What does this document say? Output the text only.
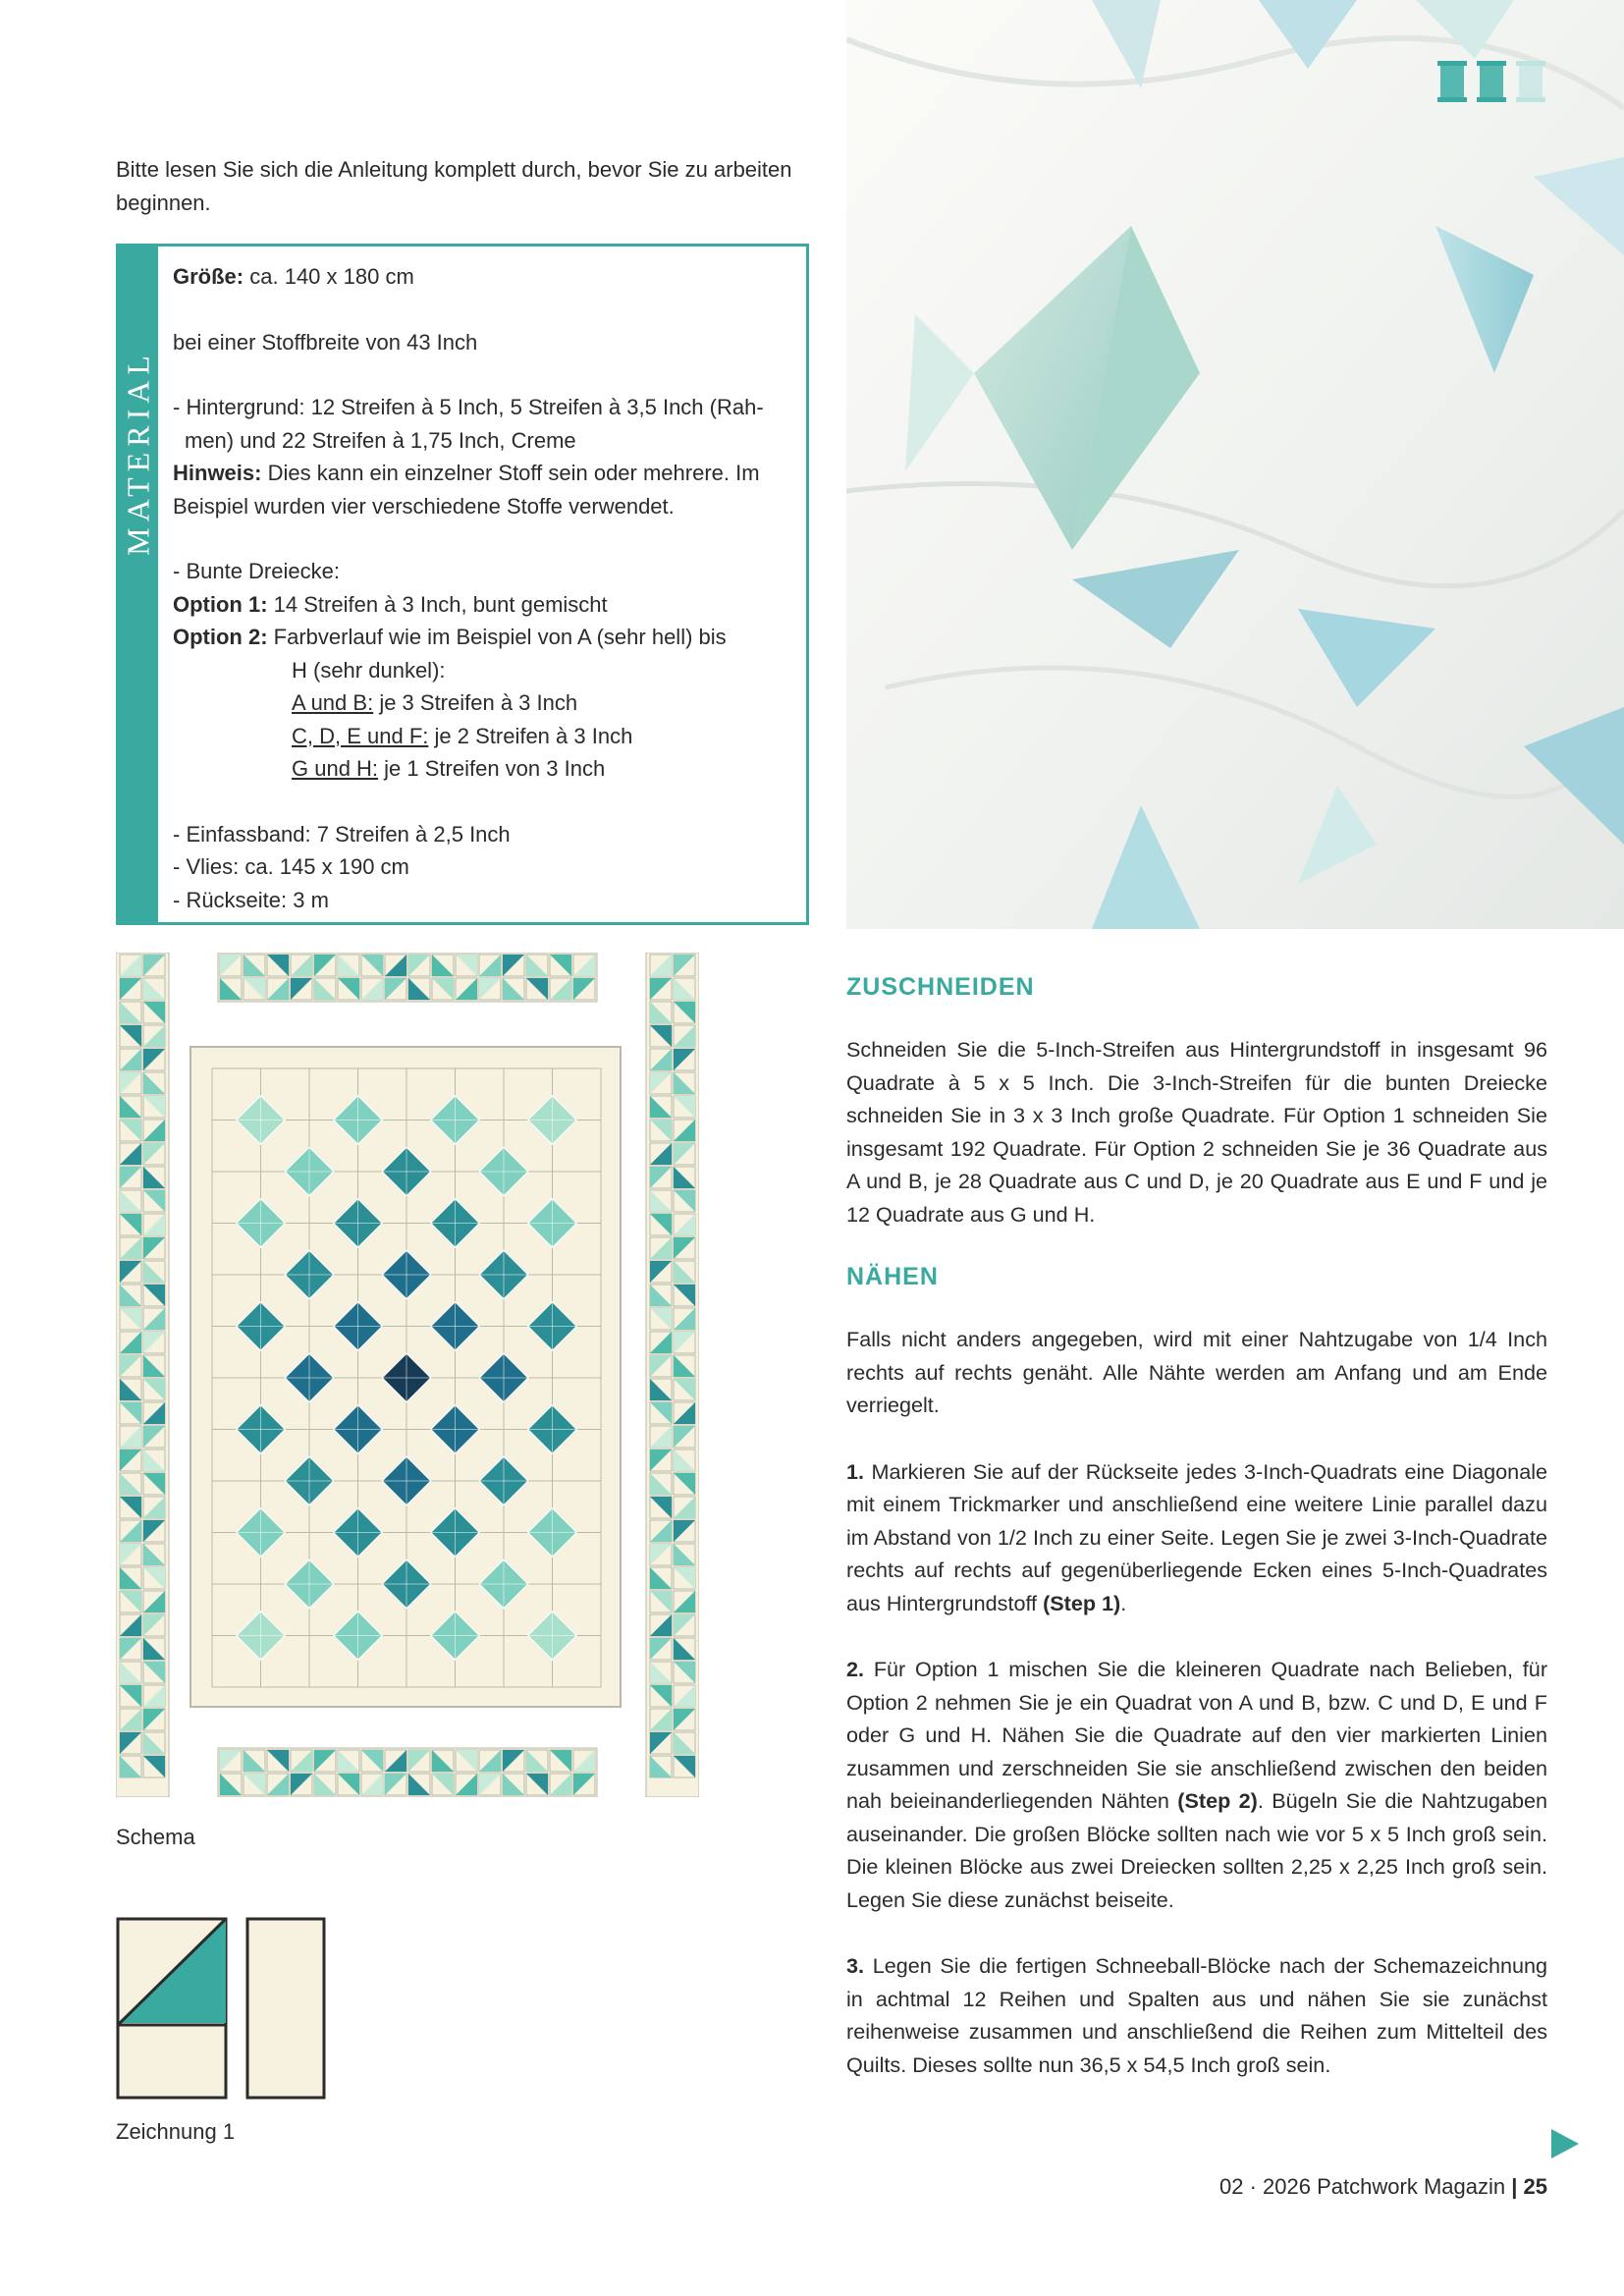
Bitte lesen Sie sich die Anleitung komplett durch, bevor Sie zu arbeiten beginnen.
MATERIAL

Größe: ca. 140 x 180 cm

bei einer Stoffbreite von 43 Inch

- Hintergrund: 12 Streifen à 5 Inch, 5 Streifen à 3,5 Inch (Rah-

men) und 22 Streifen à 1,75 Inch, Creme

Hinweis: Dies kann ein einzelner Stoff sein oder mehrere. Im Beispiel wurden vier verschiedene Stoffe verwendet.

- Bunte Dreiecke:

Option 1: 14 Streifen à 3 Inch, bunt gemischt

Option 2: Farbverlauf wie im Beispiel von A (sehr hell) bis

H (sehr dunkel):

A und B: je 3 Streifen à 3 Inch

C, D, E und F: je 2 Streifen à 3 Inch

G und H: je 1 Streifen von 3 Inch

- Einfassband: 7 Streifen à 2,5 Inch

- Vlies: ca. 145 x 190 cm

- Rückseite: 3 m

Schema
Zeichnung 1
ZUSCHNEIDEN

Schneiden Sie die 5-Inch-Streifen aus Hintergrundstoff in insgesamt 96 Quadrate à 5 x 5 Inch. Die 3-Inch-Streifen für die bunten Dreiecke schneiden Sie in 3 x 3 Inch große Quadrate. Für Option 1 schneiden Sie insgesamt 192 Quadrate. Für Option 2 schneiden Sie je 36 Quadrate aus A und B, je 28 Quadrate aus C und D, je 20 Quadrate aus E und F und je 12 Quadrate aus G und H.

NÄHEN

Falls nicht anders angegeben, wird mit einer Nahtzugabe von 1/4 Inch rechts auf rechts genäht. Alle Nähte werden am Anfang und am Ende verriegelt.

1. Markieren Sie auf der Rückseite jedes 3-Inch-Quadrats eine Diagonale mit einem Trickmarker und anschließend eine weitere Linie parallel dazu im Abstand von 1/2 Inch zu einer Seite. Legen Sie je zwei 3-Inch-Quadrate rechts auf rechts auf gegenüberliegende Ecken eines 5-Inch-Quadrates aus Hintergrundstoff (Step 1).

2. Für Option 1 mischen Sie die kleineren Quadrate nach Belieben, für Option 2 nehmen Sie je ein Quadrat von A und B, bzw. C und D, E und F oder G und H. Nähen Sie die Quadrate auf den vier markierten Linien zusammen und zerschneiden Sie sie anschließend zwischen den beiden nah beieinanderliegenden Nähten (Step 2). Bügeln Sie die Nahtzugaben auseinander. Die großen Blöcke sollten nach wie vor 5 x 5 Inch groß sein. Die kleinen Blöcke aus zwei Dreiecken sollten 2,25 x 2,25 Inch groß sein. Legen Sie diese zunächst beiseite.

3. Legen Sie die fertigen Schneeball-Blöcke nach der Schemazeichnung in achtmal 12 Reihen und Spalten aus und nähen Sie sie zunächst reihenweise zusammen und anschließend die Reihen zum Mittelteil des Quilts. Dieses sollte nun 36,5 x 54,5 Inch groß sein.

02 · 2026 Patchwork Magazin | 25
